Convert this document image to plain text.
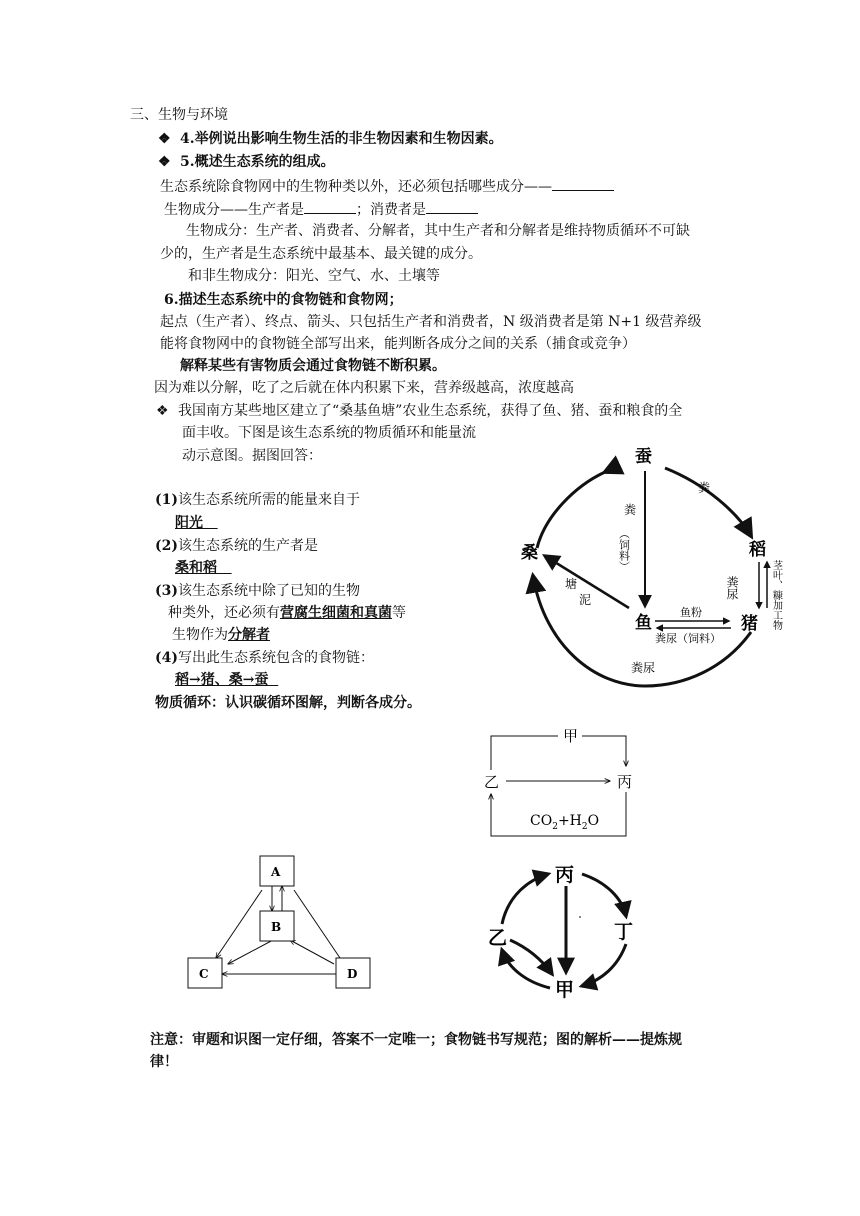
三、生物与环境
❖ 4.举例说出影响生物生活的非生物因素和生物因素。
❖ 5.概述生态系统的组成。
生态系统除食物网中的生物种类以外，还必须包括哪些成分——
生物成分——生产者是	；消费者是
生物成分：生产者、消费者、分解者，其中生产者和分解者是维持物质循环不可缺
少的，生产者是生态系统中最基本、最关键的成分。
和非生物成分：阳光、空气、水、土壤等
6.描述生态系统中的食物链和食物网；
起点（生产者）、终点、箭头、只包括生产者和消费者，N 级消费者是第 N+1 级营养级
能将食物网中的食物链全部写出来，能判断各成分之间的关系（捕食或竞争）
解释某些有害物质会通过食物链不断积累。
因为难以分解，吃了之后就在体内积累下来，营养级越高，浓度越高
❖ 我国南方某些地区建立了“桑基鱼塘”农业生态系统，获得了鱼、猪、蚕和粮食的全
面丰收。下图是该生态系统的物质循环和能量流
动示意图。据图回答：
(1)该生态系统所需的能量来自于
阳光
(2)该生态系统的生产者是
桑和稻
(3)该生态系统中除了已知的生物
种类外，还必须有营腐生细菌和真菌等
生物作为分解者
(4)写出此生态系统包含的食物链：
稻→猪、桑→蚕
物质循环：认识碳循环图解，判断各成分。
蚕
桑	稻
鱼	猪
粪
粪
（饲料）
塘
泥	粪尿	茎叶、糠加工物
鱼粉
粪尿（饲料）
粪尿
甲
乙	丙
$CO_2+H_2O$
A
B
C	D
丙
丁
乙
甲
注意：审题和识图一定仔细，答案不一定唯一；食物链书写规范；图的解析——提炼规
律！
